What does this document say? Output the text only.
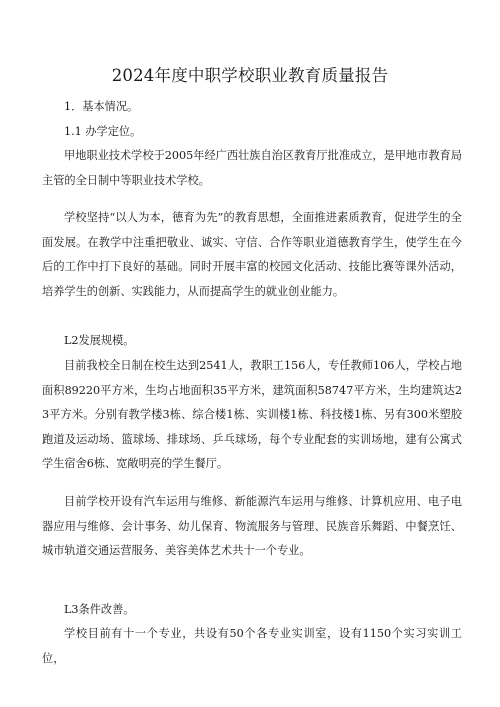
2024年度中职学校职业教育质量报告
1．基本情况。
1.1 办学定位。
甲地职业技术学校于2005年经广西壮族自治区教育厅批准成立，是甲地市教育局主管的全日制中等职业技术学校。
学校坚持“以人为本，德育为先”的教育思想，全面推进素质教育，促进学生的全面发展。在教学中注重把敬业、诚实、守信、合作等职业道德教育学生，使学生在今后的工作中打下良好的基础。同时开展丰富的校园文化活动、技能比赛等课外活动，培养学生的创新、实践能力，从而提高学生的就业创业能力。
L2发展规模。
目前我校全日制在校生达到2541人，教职工156人，专任教师106人，学校占地面积89220平方米，生均占地面积35平方米，建筑面积58747平方米，生均建筑达23平方米。分别有教学楼3栋、综合楼1栋、实训楼1栋、科技楼1栋、另有300米塑胶跑道及运动场、篮球场、排球场、乒乓球场，每个专业配套的实训场地，建有公寓式学生宿舍6栋、宽敞明亮的学生餐厅。
目前学校开设有汽车运用与维修、新能源汽车运用与维修、计算机应用、电子电器应用与维修、会计事务、幼儿保育、物流服务与管理、民族音乐舞蹈、中餐烹饪、城市轨道交通运营服务、美容美体艺术共十一个专业。
L3条件改善。
学校目前有十一个专业，共设有50个各专业实训室，设有1150个实习实训工位，
